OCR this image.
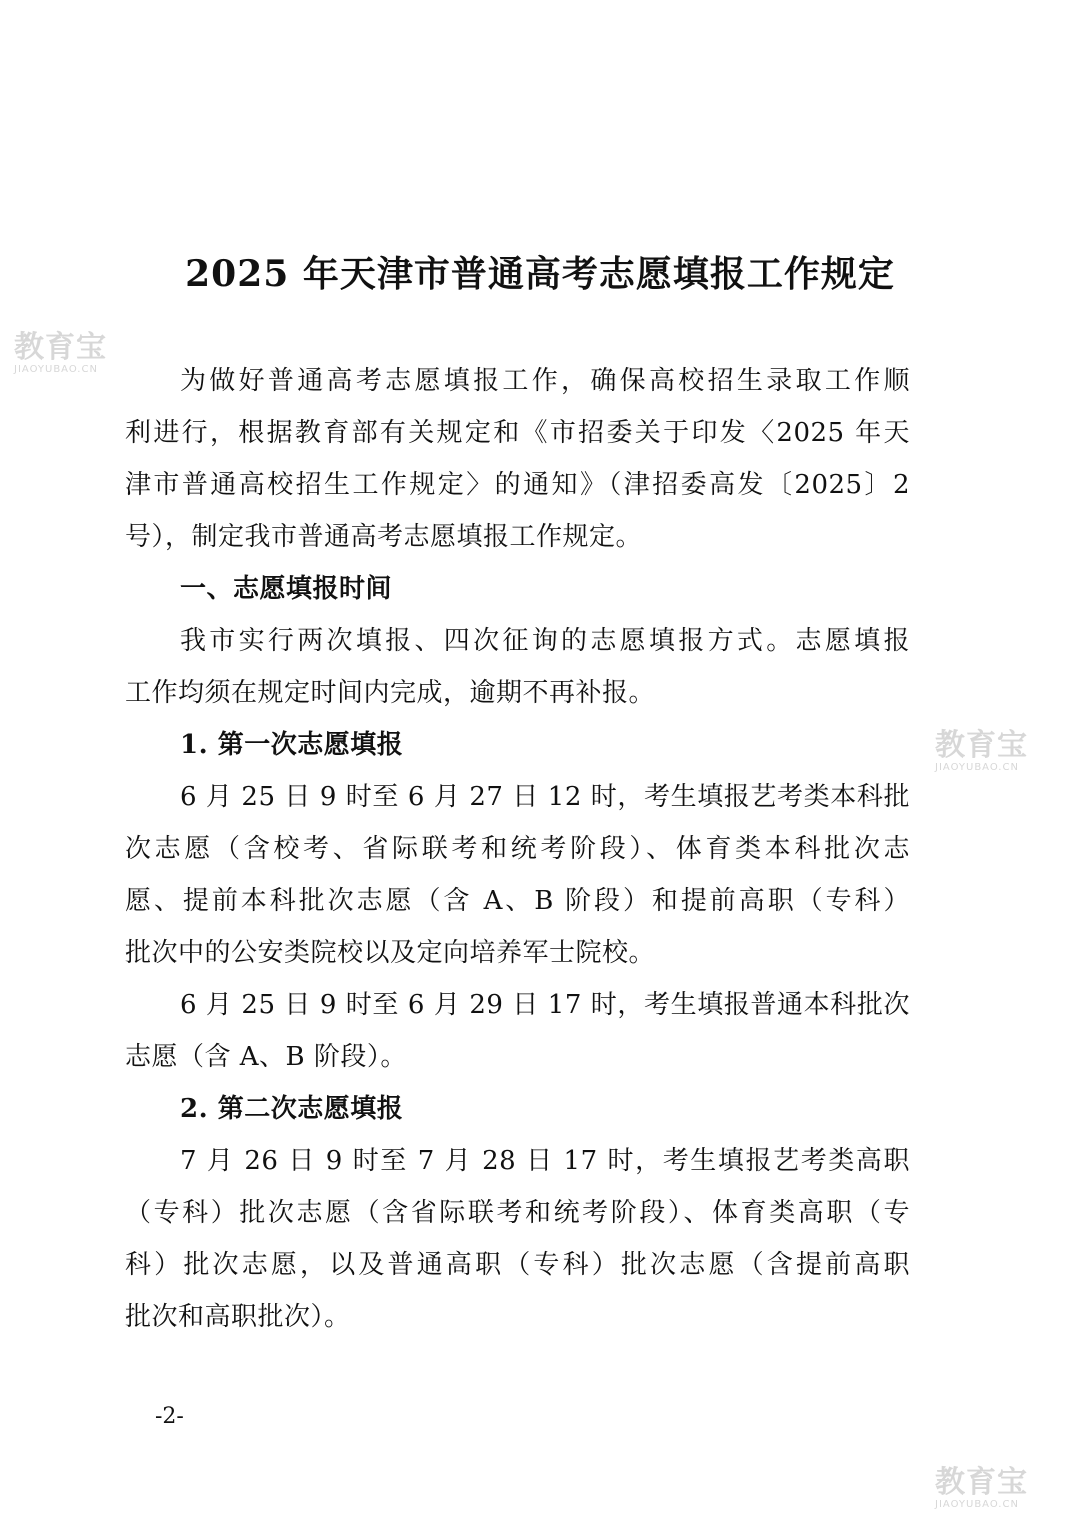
2025 年天津市普通高考志愿填报工作规定
为做好普通高考志愿填报工作，确保高校招生录取工作顺
利进行，根据教育部有关规定和《市招委关于印发〈2025 年天
津市普通高校招生工作规定〉的通知》（津招委高发〔2025〕2
号），制定我市普通高考志愿填报工作规定。
一、志愿填报时间
我市实行两次填报、四次征询的志愿填报方式。志愿填报
工作均须在规定时间内完成，逾期不再补报。
1. 第一次志愿填报
6 月 25 日 9 时至 6 月 27 日 12 时，考生填报艺考类本科批
次志愿（含校考、省际联考和统考阶段）、体育类本科批次志
愿、提前本科批次志愿（含 A、B 阶段）和提前高职（专科）
批次中的公安类院校以及定向培养军士院校。
6 月 25 日 9 时至 6 月 29 日 17 时，考生填报普通本科批次
志愿（含 A、B 阶段）。
2. 第二次志愿填报
7 月 26 日 9 时至 7 月 28 日 17 时，考生填报艺考类高职
（专科）批次志愿（含省际联考和统考阶段）、体育类高职（专
科）批次志愿，以及普通高职（专科）批次志愿（含提前高职
批次和高职批次）。
-2-
教育宝
JIAOYUBAO.CN
教育宝
JIAOYUBAO.CN
教育宝
JIAOYUBAO.CN
